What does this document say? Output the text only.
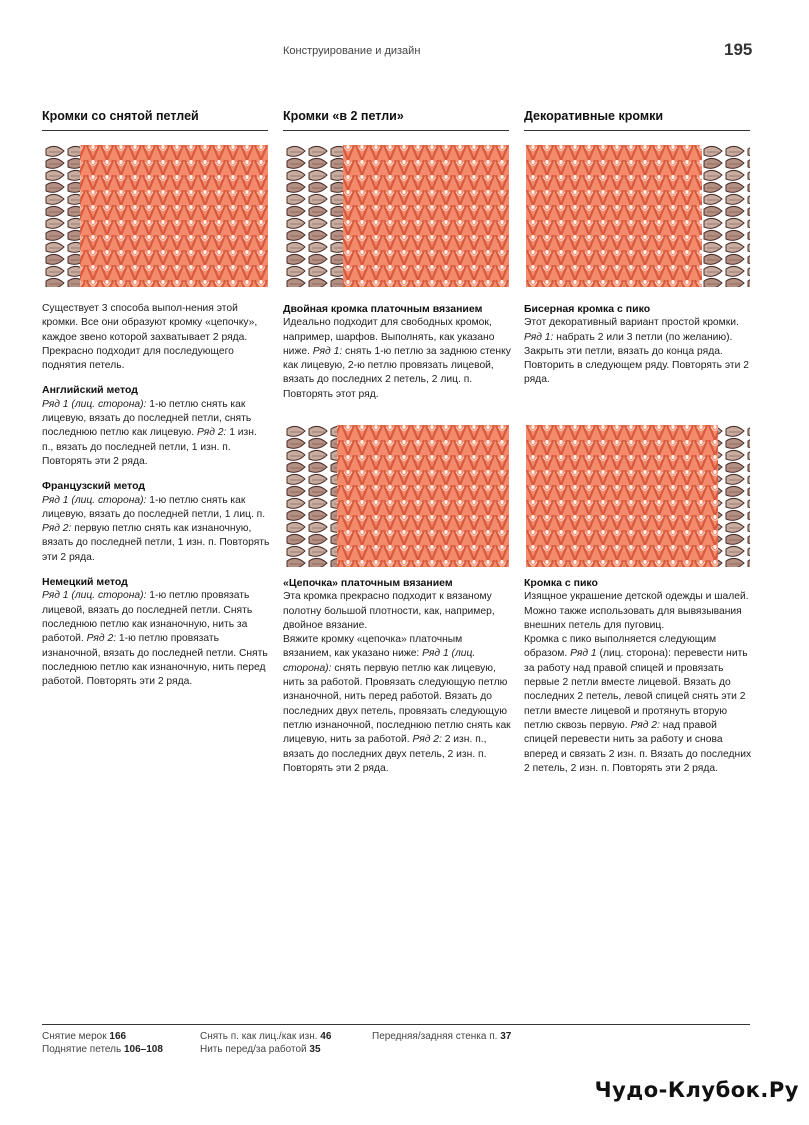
Конструирование и дизайн	195
Кромки со снятой петлей	Кромки «в 2 петли»	Декоративные кромки

Существует 3 способа выпол-нения этой кромки. Все они образуют кромку «цепочку», каждое звено которой захватывает 2 ряда. Прекрасно подходит для последующего поднятия петель.

Английский метод

Ряд 1 (лиц. сторона): 1-ю петлю снять как лицевую, вязать до последней петли, снять последнюю петлю как лицевую. Ряд 2: 1 изн. п., вязать до последней петли, 1 изн. п. Повторять эти 2 ряда.

Французский метод

Ряд 1 (лиц. сторона): 1-ю петлю снять как лицевую, вязать до последней петли, 1 лиц. п. Ряд 2: первую петлю снять как изнаночную, вязать до последней петли, 1 изн. п. Повторять эти 2 ряда.

Немецкий метод

Ряд 1 (лиц. сторона): 1-ю петлю провязать лицевой, вязать до последней петли. Снять последнюю петлю как изнаночную, нить за работой. Ряд 2: 1-ю петлю провязать изнаночной, вязать до последней петли. Снять последнюю петлю как изнаночную, нить перед работой. Повторять эти 2 ряда.

Двойная кромка платочным вязанием

Идеально подходит для свободных кромок, например, шарфов. Выполнять, как указано ниже. Ряд 1: снять 1-ю петлю за заднюю стенку как лицевую, 2-ю петлю провязать лицевой, вязать до последних 2 петель, 2 лиц. п. Повторять этот ряд.

«Цепочка» платочным вязанием

Эта кромка прекрасно подходит к вязаному полотну большой плотности, как, например, двойное вязание.

Вяжите кромку «цепочка» платочным вязанием, как указано ниже: Ряд 1 (лиц. сторона): снять первую петлю как лицевую, нить за работой. Провязать следующую петлю изнаночной, нить перед работой. Вязать до последних двух петель, провязать следующую петлю изнаночной, последнюю петлю снять как лицевую, нить за работой. Ряд 2: 2 изн. п., вязать до последних двух петель, 2 изн. п. Повторять эти 2 ряда.

Бисерная кромка с пико

Этот декоративный вариант простой кромки.

Ряд 1: набрать 2 или 3 петли (по желанию). Закрыть эти петли, вязать до конца ряда. Повторить в следующем ряду. Повторять эти 2 ряда.

Кромка с пико

Изящное украшение детской одежды и шалей. Можно также использовать для вывязывания внешних петель для пуговиц.

Кромка с пико выполняется следующим образом. Ряд 1 (лиц. сторона): перевести нить за работу над правой спицей и провязать первые 2 петли вместе лицевой. Вязать до последних 2 петель, левой спицей снять эти 2 петли вместе лицевой и протянуть вторую петлю сквозь первую. Ряд 2: над правой спицей перевести нить за работу и снова вперед и связать 2 изн. п. Вязать до последних 2 петель, 2 изн. п. Повторять эти 2 ряда.

Снятие мерок 166
Поднятие петель 106–108
Снять п. как лиц./как изн. 46
Нить перед/за работой 35
Передняя/задняя стенка п. 37
Чудо-Клубок.Ру
